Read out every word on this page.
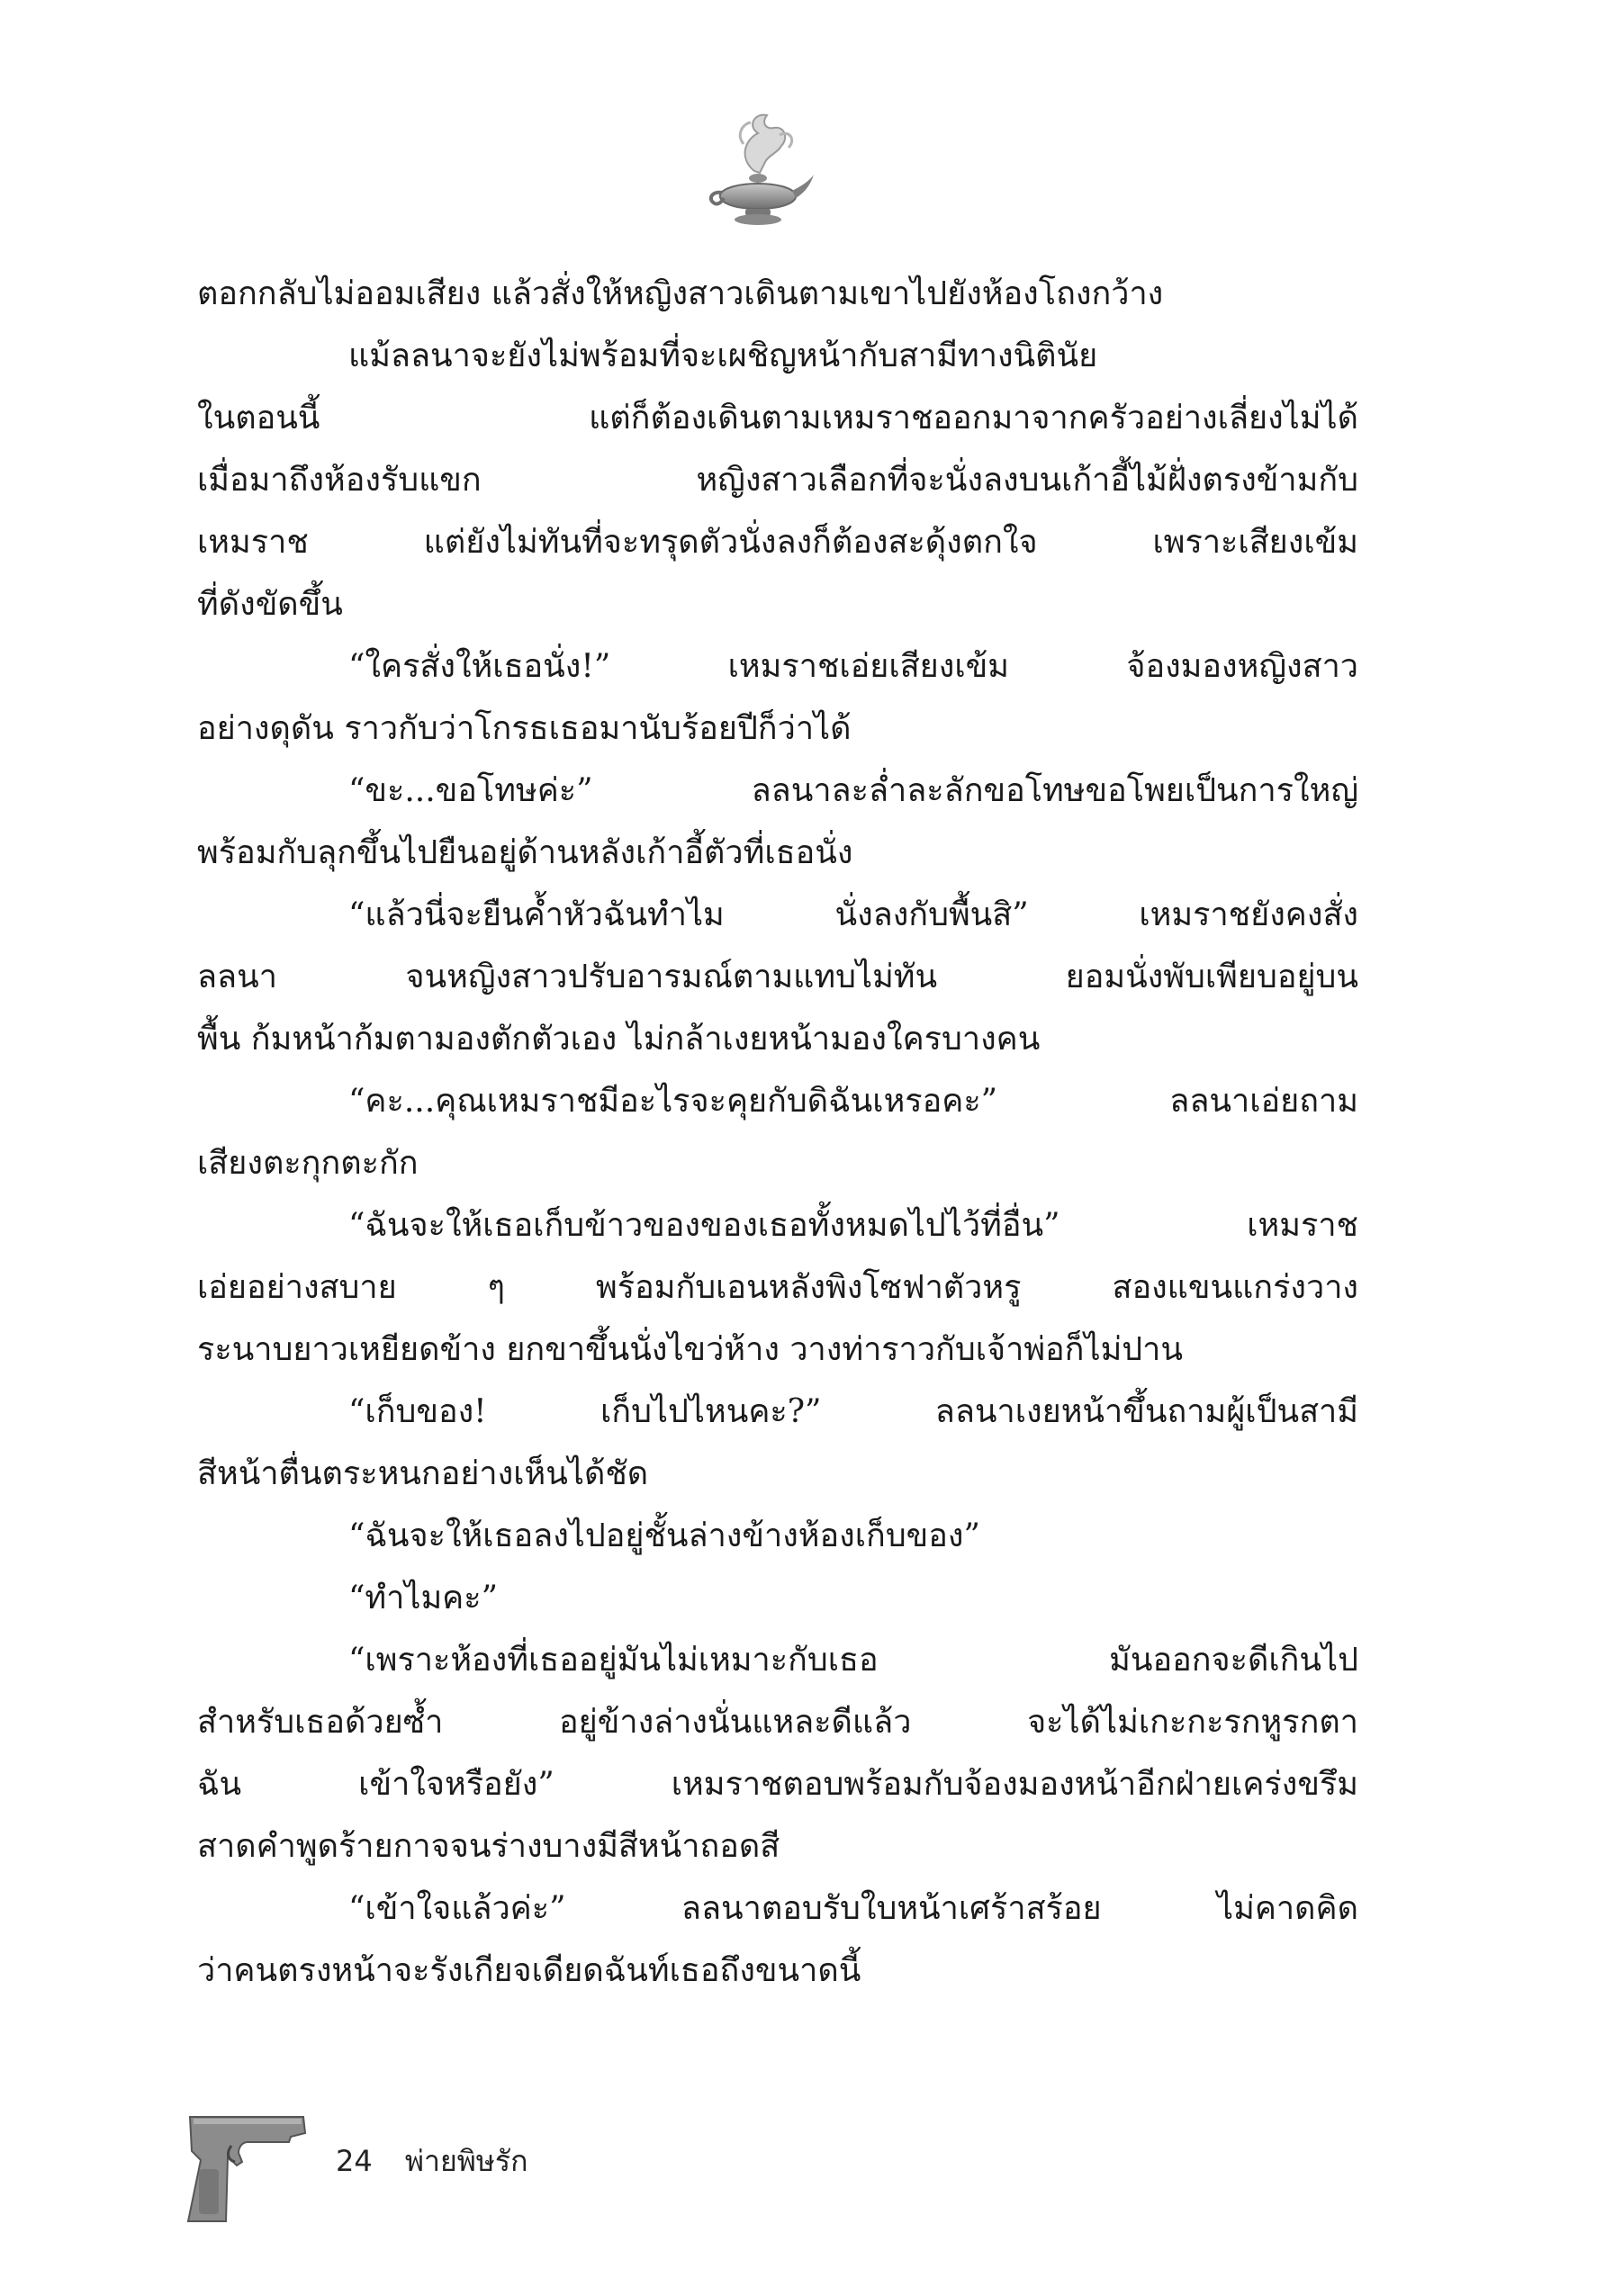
ตอกกลับไม่ออมเสียง แล้วสั่งให้หญิงสาวเดินตามเขาไปยังห้องโถงกว้าง
แม้ลลนาจะยังไม่พร้อมที่จะเผชิญหน้ากับสามีทางนิตินัย
ในตอนนี้ แต่ก็ต้องเดินตามเหมราชออกมาจากครัวอย่างเลี่ยงไม่ได้
เมื่อมาถึงห้องรับแขก หญิงสาวเลือกที่จะนั่งลงบนเก้าอี้ไม้ฝั่งตรงข้ามกับ
เหมราช แต่ยังไม่ทันที่จะทรุดตัวนั่งลงก็ต้องสะดุ้งตกใจ เพราะเสียงเข้ม
ที่ดังขัดขึ้น
“ใครสั่งให้เธอนั่ง!” เหมราชเอ่ยเสียงเข้ม จ้องมองหญิงสาว
อย่างดุดัน ราวกับว่าโกรธเธอมานับร้อยปีก็ว่าได้
“ขะ...ขอโทษค่ะ” ลลนาละล่ำละลักขอโทษขอโพยเป็นการใหญ่
พร้อมกับลุกขึ้นไปยืนอยู่ด้านหลังเก้าอี้ตัวที่เธอนั่ง
“แล้วนี่จะยืนค้ำหัวฉันทำไม นั่งลงกับพื้นสิ” เหมราชยังคงสั่ง
ลลนา จนหญิงสาวปรับอารมณ์ตามแทบไม่ทัน ยอมนั่งพับเพียบอยู่บน
พื้น ก้มหน้าก้มตามองตักตัวเอง ไม่กล้าเงยหน้ามองใครบางคน
“คะ...คุณเหมราชมีอะไรจะคุยกับดิฉันเหรอคะ” ลลนาเอ่ยถาม
เสียงตะกุกตะกัก
“ฉันจะให้เธอเก็บข้าวของของเธอทั้งหมดไปไว้ที่อื่น” เหมราช
เอ่ยอย่างสบาย ๆ พร้อมกับเอนหลังพิงโซฟาตัวหรู สองแขนแกร่งวาง
ระนาบยาวเหยียดข้าง ยกขาขึ้นนั่งไขว่ห้าง วางท่าราวกับเจ้าพ่อก็ไม่ปาน
“เก็บของ! เก็บไปไหนคะ?” ลลนาเงยหน้าขึ้นถามผู้เป็นสามี
สีหน้าตื่นตระหนกอย่างเห็นได้ชัด
“ฉันจะให้เธอลงไปอยู่ชั้นล่างข้างห้องเก็บของ”
“ทำไมคะ”
“เพราะห้องที่เธออยู่มันไม่เหมาะกับเธอ มันออกจะดีเกินไป
สำหรับเธอด้วยซ้ำ อยู่ข้างล่างนั่นแหละดีแล้ว จะได้ไม่เกะกะรกหูรกตา
ฉัน เข้าใจหรือยัง” เหมราชตอบพร้อมกับจ้องมองหน้าอีกฝ่ายเคร่งขรึม
สาดคำพูดร้ายกาจจนร่างบางมีสีหน้าถอดสี
“เข้าใจแล้วค่ะ” ลลนาตอบรับใบหน้าเศร้าสร้อย ไม่คาดคิด
ว่าคนตรงหน้าจะรังเกียจเดียดฉันท์เธอถึงขนาดนี้
24 พ่ายพิษรัก
